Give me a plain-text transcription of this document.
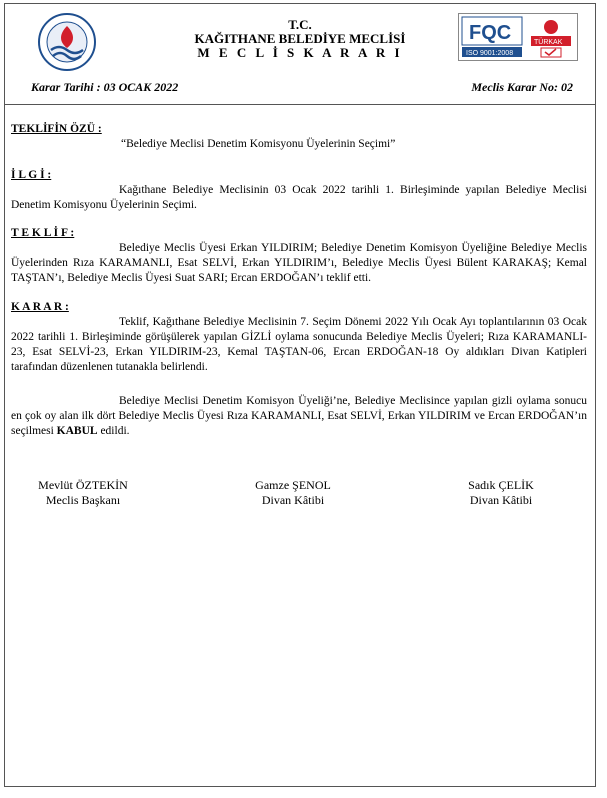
T.C.
KAĞITHANE BELEDİYE MECLİSİ
M E C L İ S K A R A R I
FQC
ISO 9001:2008
TÜRKAK
Karar Tarihi : 03 OCAK 2022	Meclis Karar No: 02

TEKLİFİN ÖZÜ :

“Belediye Meclisi Denetim Komisyonu Üyelerinin Seçimi”

İ L G İ :

Kağıthane Belediye Meclisinin 03 Ocak 2022 tarihli 1. Birleşiminde yapılan Belediye Meclisi Denetim Komisyonu Üyelerinin Seçimi.

T E K L İ F :

Belediye Meclis Üyesi Erkan YILDIRIM; Belediye Denetim Komisyon Üyeliğine Belediye Meclis Üyelerinden Rıza KARAMANLI, Esat SELVİ, Erkan YILDIRIM’ı, Belediye Meclis Üyesi Bülent KARAKAŞ; Kemal TAŞTAN’ı, Belediye Meclis Üyesi Suat SARI; Ercan ERDOĞAN’ı teklif etti.

K A R A R :

Teklif, Kağıthane Belediye Meclisinin 7. Seçim Dönemi 2022 Yılı Ocak Ayı toplantılarının 03 Ocak 2022 tarihli 1. Birleşiminde görüşülerek yapılan GİZLİ oylama sonucunda Belediye Meclis Üyeleri; Rıza KARAMANLI-23, Esat SELVİ-23, Erkan YILDIRIM-23, Kemal TAŞTAN-06, Ercan ERDOĞAN-18 Oy aldıkları Divan Katipleri tarafından düzenlenen tutanakla belirlendi.

Belediye Meclisi Denetim Komisyon Üyeliği’ne, Belediye Meclisince yapılan gizli oylama sonucu en çok oy alan ilk dört Belediye Meclis Üyesi Rıza KARAMANLI, Esat SELVİ, Erkan YILDIRIM ve Ercan ERDOĞAN’ın seçilmesi KABUL edildi.

Mevlüt ÖZTEKİN
Meclis Başkanı
Gamze ŞENOL
Divan Kâtibi
Sadık ÇELİK
Divan Kâtibi
